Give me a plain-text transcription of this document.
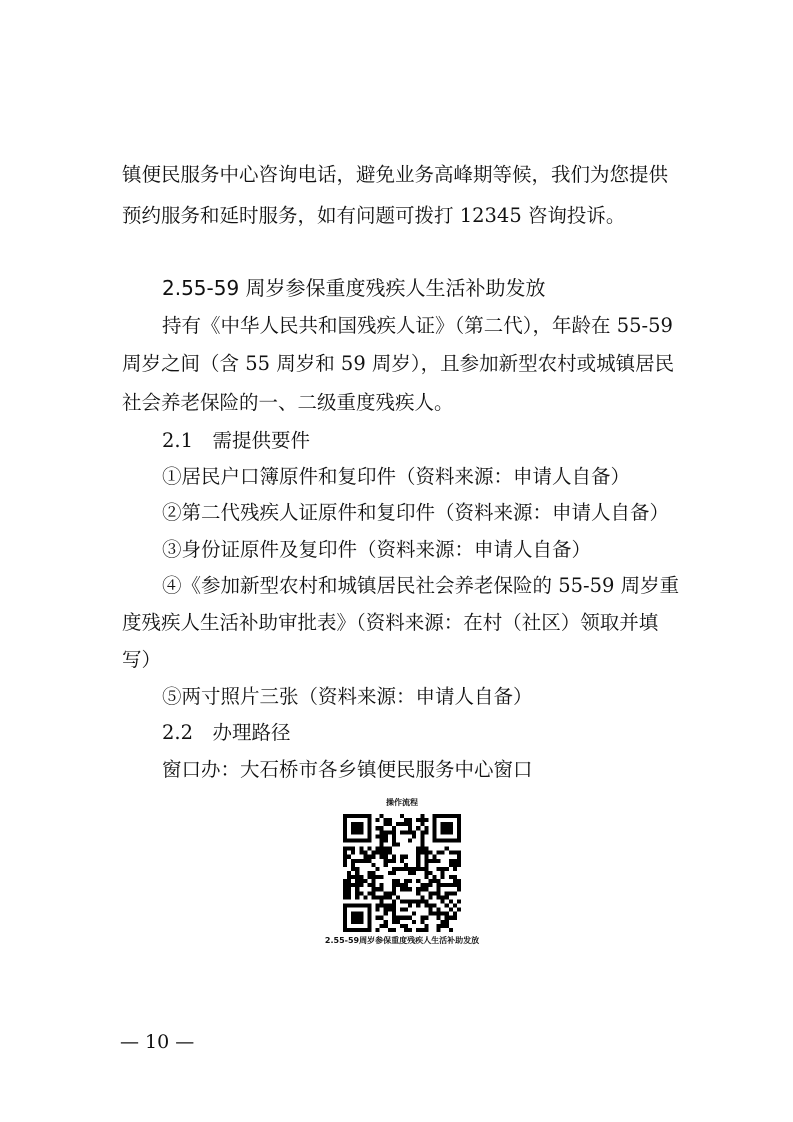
镇便民服务中心咨询电话，避免业务高峰期等候，我们为您提供
预约服务和延时服务，如有问题可拨打 12345 咨询投诉。
2.55-59 周岁参保重度残疾人生活补助发放
持有《中华人民共和国残疾人证》（第二代），年龄在 55-59
周岁之间（含 55 周岁和 59 周岁），且参加新型农村或城镇居民
社会养老保险的一、二级重度残疾人。
2.1　需提供要件
①居民户口簿原件和复印件（资料来源：申请人自备）
②第二代残疾人证原件和复印件（资料来源：申请人自备）
③身份证原件及复印件（资料来源：申请人自备）
④《参加新型农村和城镇居民社会养老保险的 55-59 周岁重
度残疾人生活补助审批表》（资料来源：在村（社区）领取并填
写）
⑤两寸照片三张（资料来源：申请人自备）
2.2　办理路径
窗口办：大石桥市各乡镇便民服务中心窗口
操作流程
2.55-59周岁参保重度残疾人生活补助发放
— 10 —
